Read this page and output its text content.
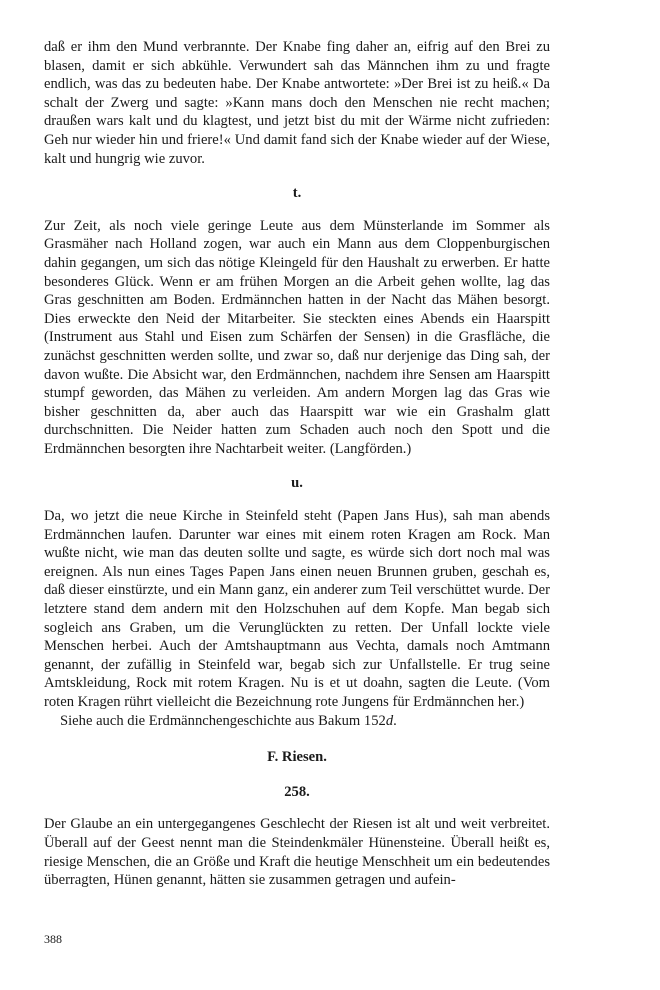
daß er ihm den Mund verbrannte. Der Knabe fing daher an, eifrig auf den Brei zu blasen, damit er sich abkühle. Verwundert sah das Männchen ihm zu und fragte endlich, was das zu bedeuten habe. Der Knabe antwortete: »Der Brei ist zu heiß.« Da schalt der Zwerg und sagte: »Kann mans doch den Menschen nie recht machen; draußen wars kalt und du klagtest, und jetzt bist du mit der Wärme nicht zufrieden: Geh nur wieder hin und friere!« Und damit fand sich der Knabe wieder auf der Wiese, kalt und hungrig wie zuvor.

t.

Zur Zeit, als noch viele geringe Leute aus dem Münsterlande im Sommer als Grasmäher nach Holland zogen, war auch ein Mann aus dem Cloppenburgischen dahin gegangen, um sich das nötige Kleingeld für den Haushalt zu erwerben. Er hatte besonderes Glück. Wenn er am frühen Morgen an die Arbeit gehen wollte, lag das Gras geschnitten am Boden. Erdmännchen hatten in der Nacht das Mähen besorgt. Dies erweckte den Neid der Mitarbeiter. Sie steckten eines Abends ein Haarspitt (Instrument aus Stahl und Eisen zum Schärfen der Sensen) in die Grasfläche, die zunächst geschnitten werden sollte, und zwar so, daß nur derjenige das Ding sah, der davon wußte. Die Absicht war, den Erdmännchen, nachdem ihre Sensen am Haarspitt stumpf geworden, das Mähen zu verleiden. Am andern Morgen lag das Gras wie bisher geschnitten da, aber auch das Haarspitt war wie ein Grashalm glatt durchschnitten. Die Neider hatten zum Schaden auch noch den Spott und die Erdmännchen besorgten ihre Nachtarbeit weiter. (Langförden.)

u.

Da, wo jetzt die neue Kirche in Steinfeld steht (Papen Jans Hus), sah man abends Erdmännchen laufen. Darunter war eines mit einem roten Kragen am Rock. Man wußte nicht, wie man das deuten sollte und sagte, es würde sich dort noch mal was ereignen. Als nun eines Tages Papen Jans einen neuen Brunnen gruben, geschah es, daß dieser einstürzte, und ein Mann ganz, ein anderer zum Teil verschüttet wurde. Der letztere stand dem andern mit den Holzschuhen auf dem Kopfe. Man begab sich sogleich ans Graben, um die Verunglückten zu retten. Der Unfall lockte viele Menschen herbei. Auch der Amtshauptmann aus Vechta, damals noch Amtmann genannt, der zufällig in Steinfeld war, begab sich zur Unfallstelle. Er trug seine Amtskleidung, Rock mit rotem Kragen. Nu is et ut doahn, sagten die Leute. (Vom roten Kragen rührt vielleicht die Bezeichnung rote Jungens für Erdmännchen her.)

Siehe auch die Erdmännchengeschichte aus Bakum 152d.

F. Riesen.
258.

Der Glaube an ein untergegangenes Geschlecht der Riesen ist alt und weit verbreitet. Überall auf der Geest nennt man die Steindenkmäler Hünensteine. Überall heißt es, riesige Menschen, die an Größe und Kraft die heutige Menschheit um ein bedeutendes überragten, Hünen genannt, hätten sie zusammen getragen und aufein-

388
